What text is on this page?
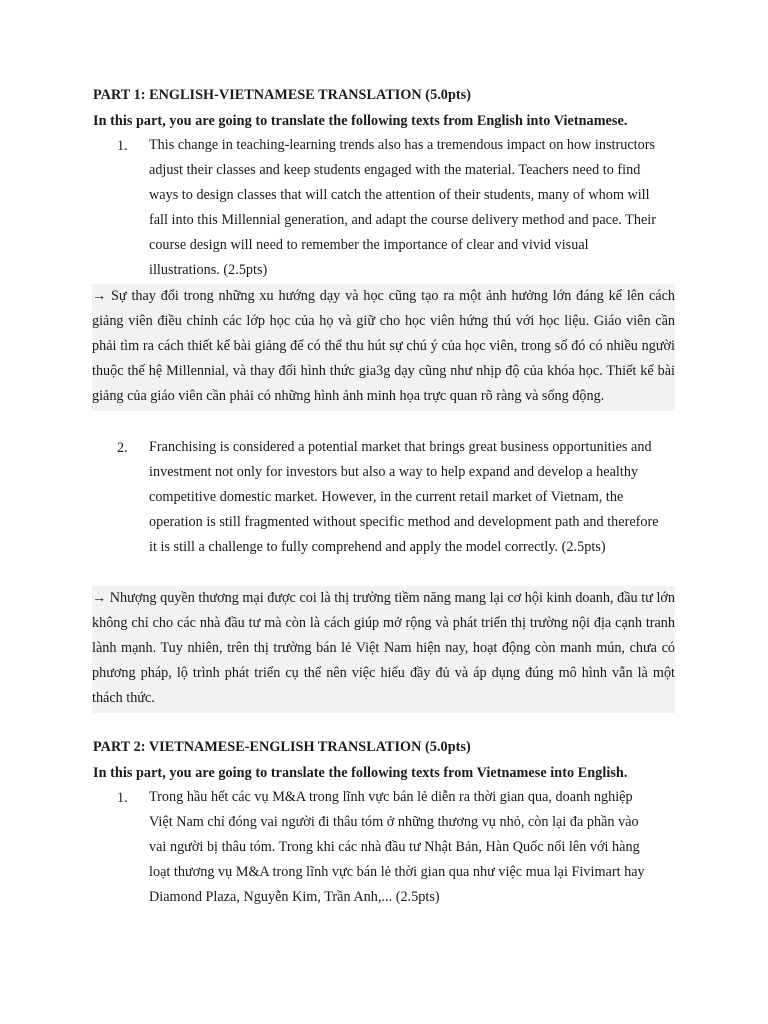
PART 1: ENGLISH-VIETNAMESE TRANSLATION (5.0pts)
In this part, you are going to translate the following texts from English into Vietnamese.
1. This change in teaching-learning trends also has a tremendous impact on how instructors adjust their classes and keep students engaged with the material. Teachers need to find ways to design classes that will catch the attention of their students, many of whom will fall into this Millennial generation, and adapt the course delivery method and pace. Their course design will need to remember the importance of clear and vivid visual illustrations. (2.5pts)
→ Sự thay đổi trong những xu hướng dạy và học cũng tạo ra một ảnh hưởng lớn đáng kể lên cách giảng viên điều chỉnh các lớp học của họ và giữ cho học viên hứng thú với học liệu. Giáo viên cần phải tìm ra cách thiết kế bài giảng để có thể thu hút sự chú ý của học viên, trong số đó có nhiều người thuộc thế hệ Millennial, và thay đổi hình thức gia3g dạy cũng như nhịp độ của khóa học. Thiết kế bài giảng của giáo viên cần phải có những hình ảnh minh họa trực quan rõ ràng và sống động.
2. Franchising is considered a potential market that brings great business opportunities and investment not only for investors but also a way to help expand and develop a healthy competitive domestic market. However, in the current retail market of Vietnam, the operation is still fragmented without specific method and development path and therefore it is still a challenge to fully comprehend and apply the model correctly. (2.5pts)
→ Nhượng quyền thương mại được coi là thị trường tiềm năng mang lại cơ hội kinh doanh, đầu tư lớn không chỉ cho các nhà đầu tư mà còn là cách giúp mở rộng và phát triển thị trường nội địa cạnh tranh lành mạnh. Tuy nhiên, trên thị trường bán lẻ Việt Nam hiện nay, hoạt động còn manh mún, chưa có phương pháp, lộ trình phát triển cụ thể nên việc hiểu đầy đủ và áp dụng đúng mô hình vẫn là một thách thức.
PART 2: VIETNAMESE-ENGLISH TRANSLATION (5.0pts)
In this part, you are going to translate the following texts from Vietnamese into English.
1. Trong hầu hết các vụ M&A trong lĩnh vực bán lẻ diễn ra thời gian qua, doanh nghiệp Việt Nam chỉ đóng vai người đi thâu tóm ở những thương vụ nhỏ, còn lại đa phần vào vai người bị thâu tóm. Trong khi các nhà đầu tư Nhật Bản, Hàn Quốc nổi lên với hàng loạt thương vụ M&A trong lĩnh vực bán lẻ thời gian qua như việc mua lại Fivimart hay Diamond Plaza, Nguyễn Kim, Trần Anh,... (2.5pts)
